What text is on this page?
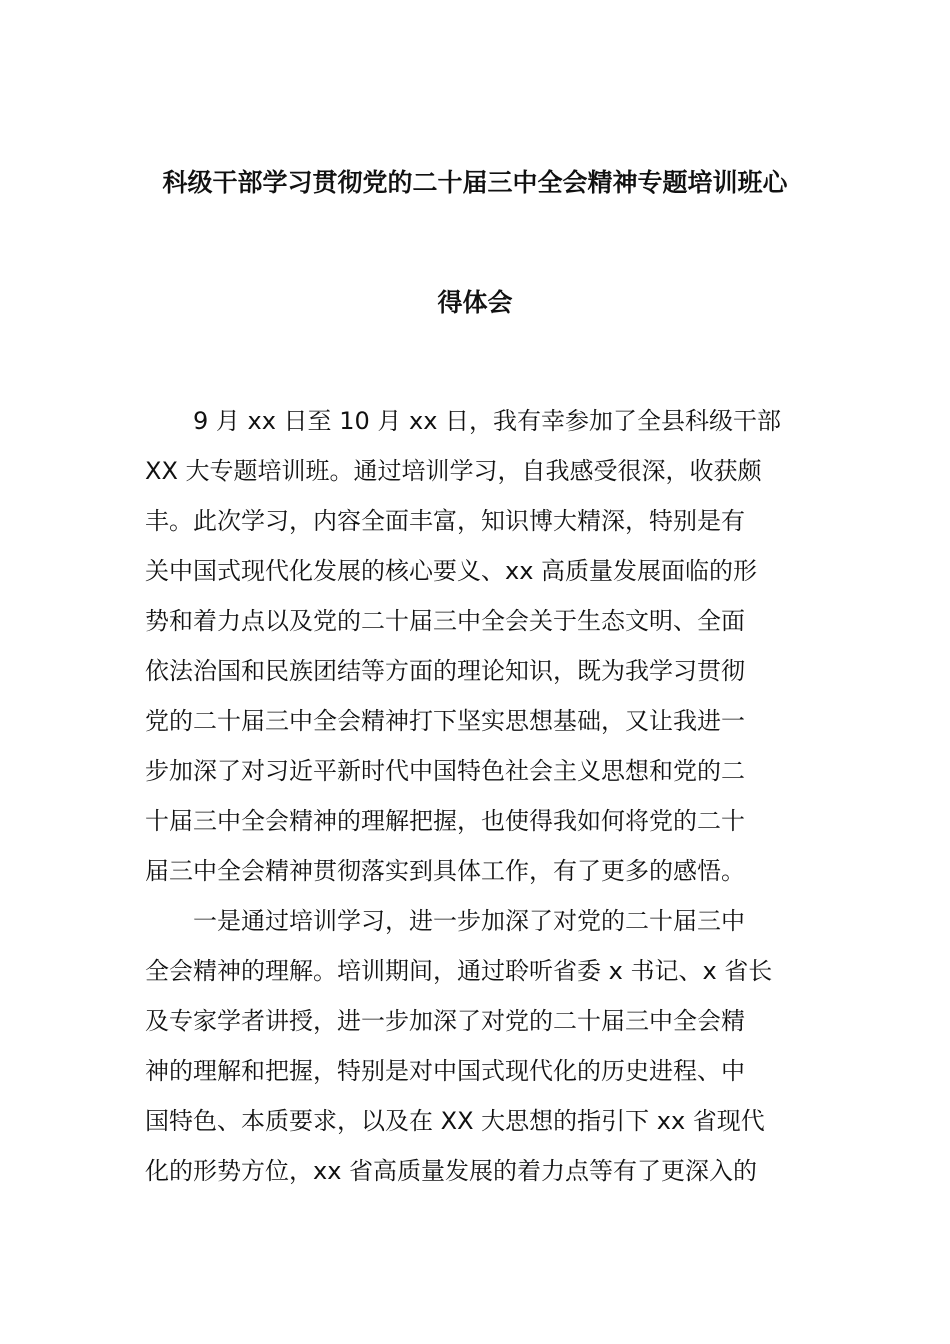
科级干部学习贯彻党的二十届三中全会精神专题培训班心
得体会
9 月 xx 日至 10 月 xx 日，我有幸参加了全县科级干部
XX 大专题培训班。通过培训学习，自我感受很深，收获颇
丰。此次学习，内容全面丰富，知识博大精深，特别是有
关中国式现代化发展的核心要义、xx 高质量发展面临的形
势和着力点以及党的二十届三中全会关于生态文明、全面
依法治国和民族团结等方面的理论知识，既为我学习贯彻
党的二十届三中全会精神打下坚实思想基础，又让我进一
步加深了对习近平新时代中国特色社会主义思想和党的二
十届三中全会精神的理解把握，也使得我如何将党的二十
届三中全会精神贯彻落实到具体工作，有了更多的感悟。
一是通过培训学习，进一步加深了对党的二十届三中
全会精神的理解。培训期间，通过聆听省委 x 书记、x 省长
及专家学者讲授，进一步加深了对党的二十届三中全会精
神的理解和把握，特别是对中国式现代化的历史进程、中
国特色、本质要求，以及在 XX 大思想的指引下 xx 省现代
化的形势方位，xx 省高质量发展的着力点等有了更深入的
